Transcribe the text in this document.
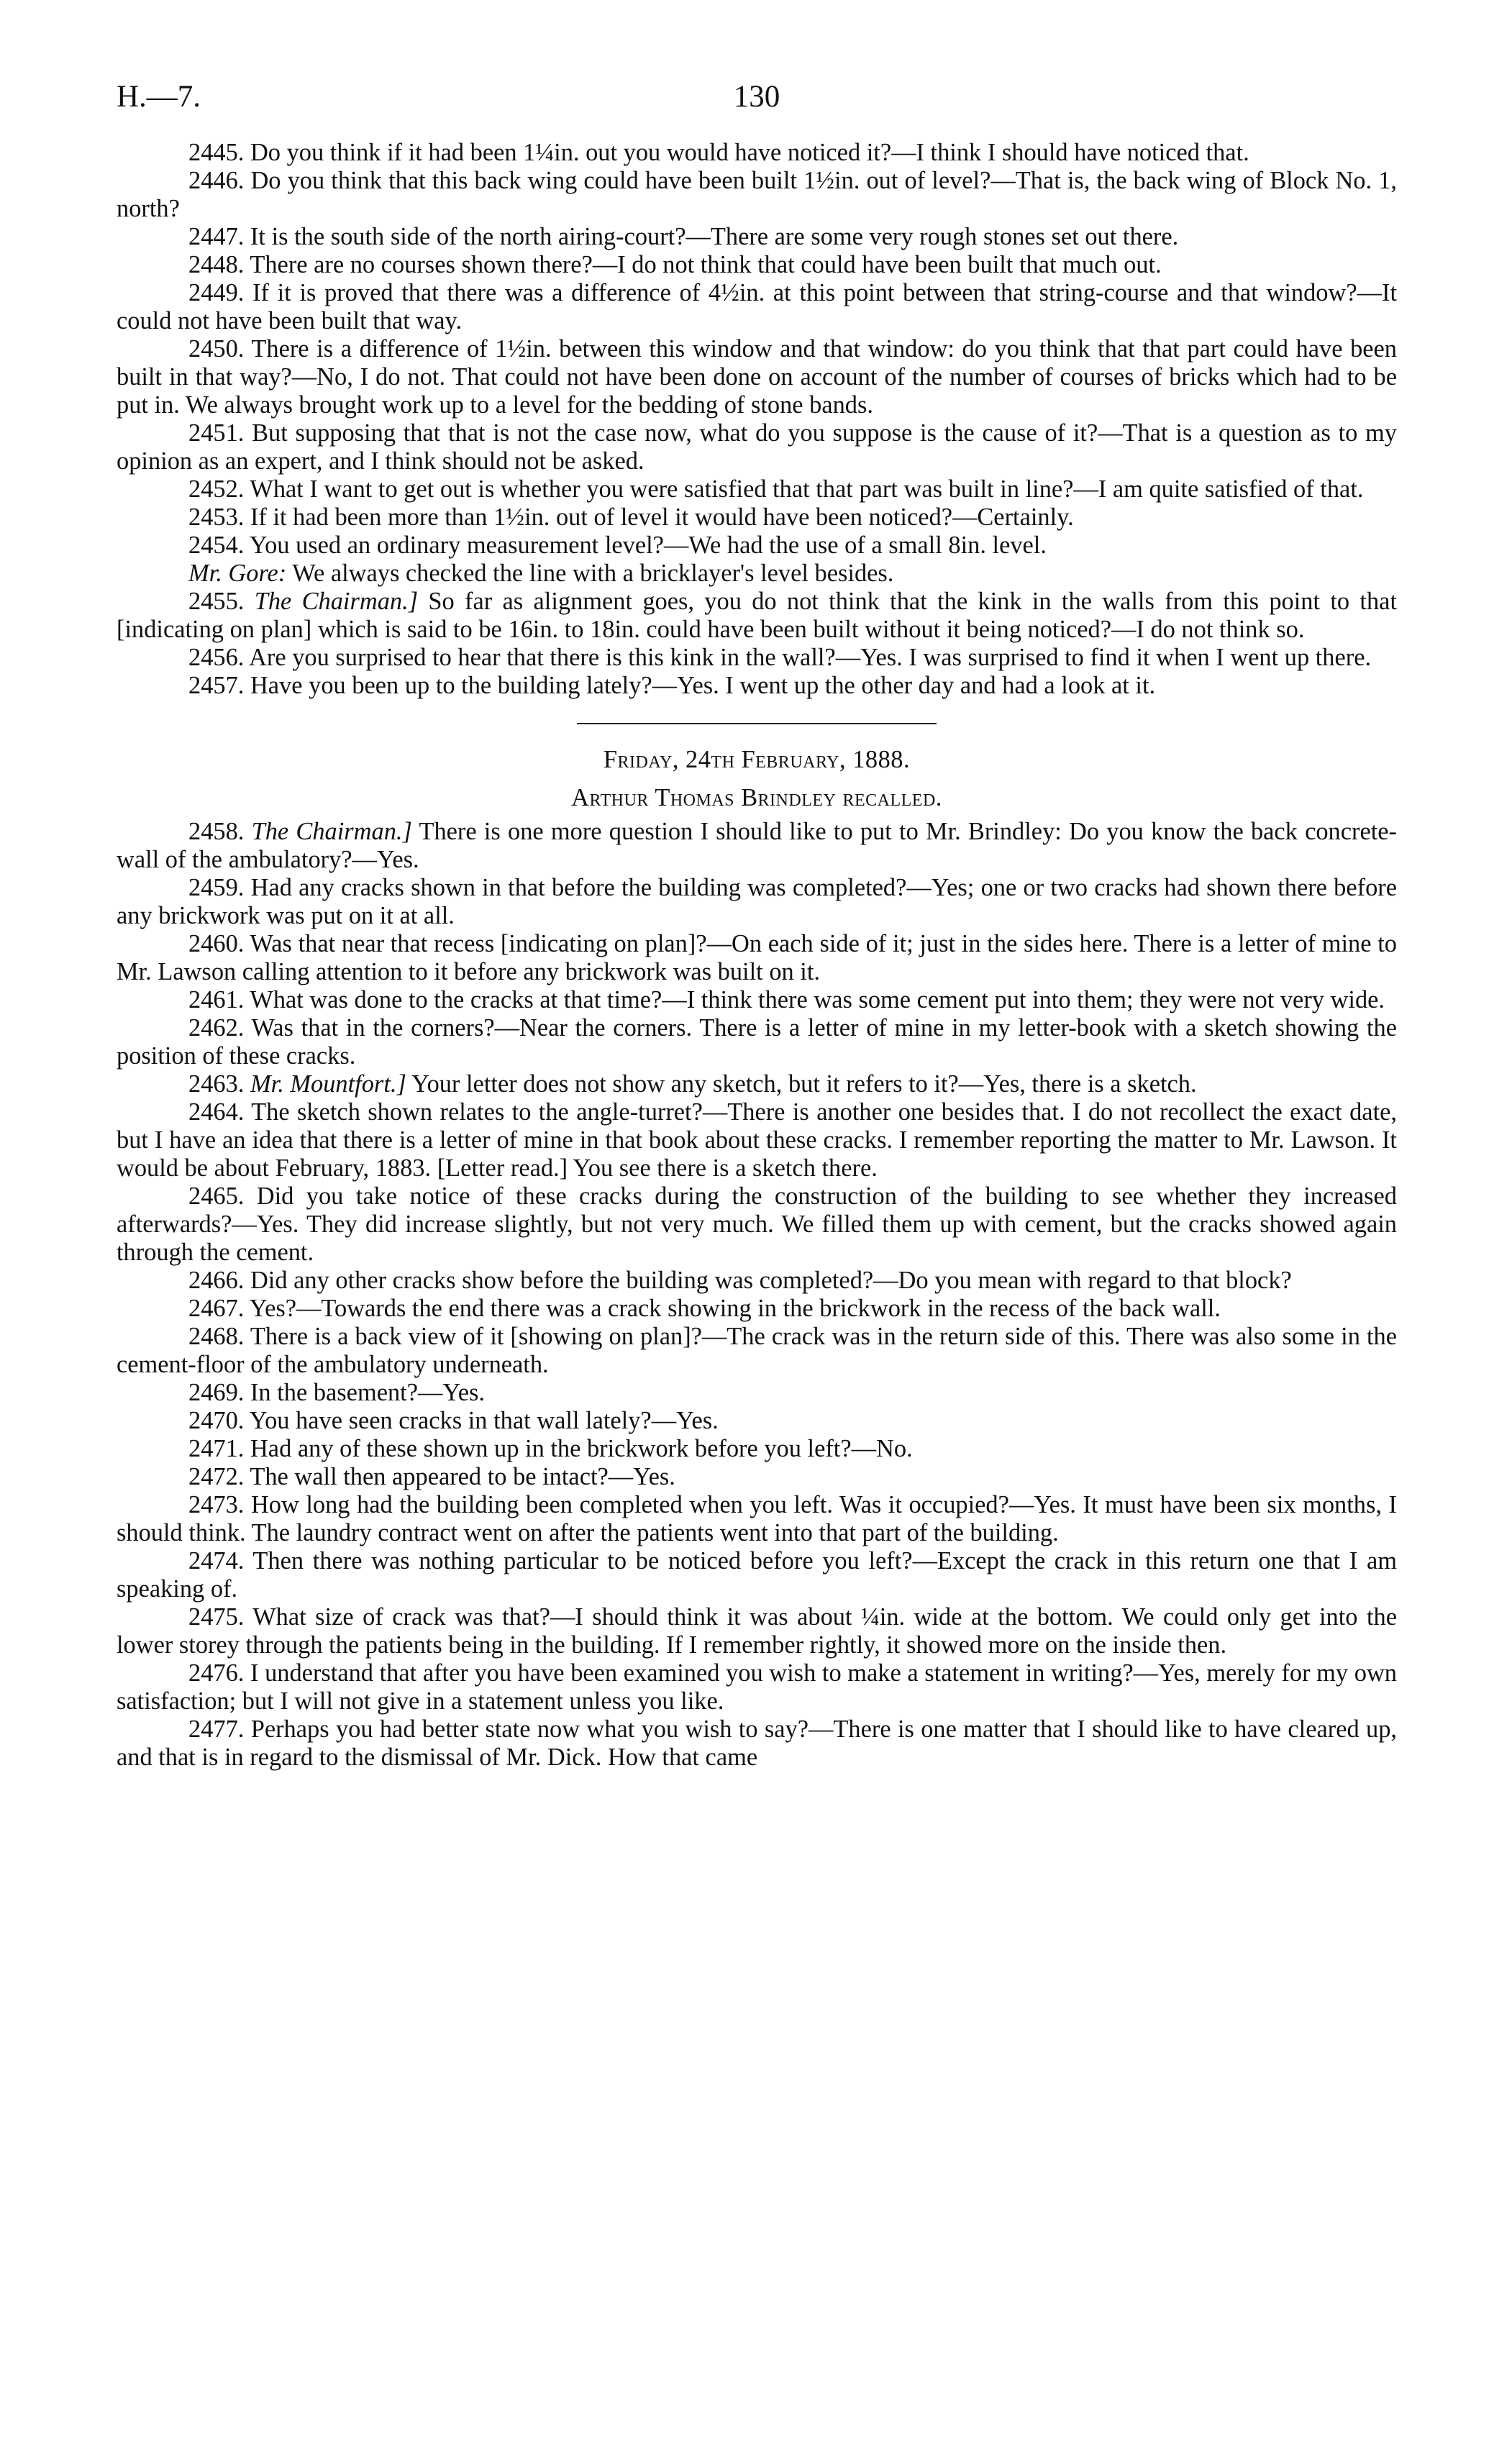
H.—7.	130

2445. Do you think if it had been 1¼in. out you would have noticed it?—I think I should have noticed that.

2446. Do you think that this back wing could have been built 1½in. out of level?—That is, the back wing of Block No. 1, north?

2447. It is the south side of the north airing-court?—There are some very rough stones set out there.

2448. There are no courses shown there?—I do not think that could have been built that much out.

2449. If it is proved that there was a difference of 4½in. at this point between that string-course and that window?—It could not have been built that way.

2450. There is a difference of 1½in. between this window and that window: do you think that that part could have been built in that way?—No, I do not. That could not have been done on account of the number of courses of bricks which had to be put in. We always brought work up to a level for the bedding of stone bands.

2451. But supposing that that is not the case now, what do you suppose is the cause of it?—That is a question as to my opinion as an expert, and I think should not be asked.

2452. What I want to get out is whether you were satisfied that that part was built in line?—I am quite satisfied of that.

2453. If it had been more than 1½in. out of level it would have been noticed?—Certainly.

2454. You used an ordinary measurement level?—We had the use of a small 8in. level.

Mr. Gore: We always checked the line with a bricklayer's level besides.

2455. The Chairman.] So far as alignment goes, you do not think that the kink in the walls from this point to that [indicating on plan] which is said to be 16in. to 18in. could have been built without it being noticed?—I do not think so.

2456. Are you surprised to hear that there is this kink in the wall?—Yes. I was surprised to find it when I went up there.

2457. Have you been up to the building lately?—Yes. I went up the other day and had a look at it.

Friday, 24th February, 1888.

Arthur Thomas Brindley recalled.

2458. The Chairman.] There is one more question I should like to put to Mr. Brindley: Do you know the back concrete-wall of the ambulatory?—Yes.

2459. Had any cracks shown in that before the building was completed?—Yes; one or two cracks had shown there before any brickwork was put on it at all.

2460. Was that near that recess [indicating on plan]?—On each side of it; just in the sides here. There is a letter of mine to Mr. Lawson calling attention to it before any brickwork was built on it.

2461. What was done to the cracks at that time?—I think there was some cement put into them; they were not very wide.

2462. Was that in the corners?—Near the corners. There is a letter of mine in my letter-book with a sketch showing the position of these cracks.

2463. Mr. Mountfort.] Your letter does not show any sketch, but it refers to it?—Yes, there is a sketch.

2464. The sketch shown relates to the angle-turret?—There is another one besides that. I do not recollect the exact date, but I have an idea that there is a letter of mine in that book about these cracks. I remember reporting the matter to Mr. Lawson. It would be about February, 1883. [Letter read.] You see there is a sketch there.

2465. Did you take notice of these cracks during the construction of the building to see whether they increased afterwards?—Yes. They did increase slightly, but not very much. We filled them up with cement, but the cracks showed again through the cement.

2466. Did any other cracks show before the building was completed?—Do you mean with regard to that block?

2467. Yes?—Towards the end there was a crack showing in the brickwork in the recess of the back wall.

2468. There is a back view of it [showing on plan]?—The crack was in the return side of this. There was also some in the cement-floor of the ambulatory underneath.

2469. In the basement?—Yes.

2470. You have seen cracks in that wall lately?—Yes.

2471. Had any of these shown up in the brickwork before you left?—No.

2472. The wall then appeared to be intact?—Yes.

2473. How long had the building been completed when you left. Was it occupied?—Yes. It must have been six months, I should think. The laundry contract went on after the patients went into that part of the building.

2474. Then there was nothing particular to be noticed before you left?—Except the crack in this return one that I am speaking of.

2475. What size of crack was that?—I should think it was about ¼in. wide at the bottom. We could only get into the lower storey through the patients being in the building. If I remember rightly, it showed more on the inside then.

2476. I understand that after you have been examined you wish to make a statement in writing?—Yes, merely for my own satisfaction; but I will not give in a statement unless you like.

2477. Perhaps you had better state now what you wish to say?—There is one matter that I should like to have cleared up, and that is in regard to the dismissal of Mr. Dick. How that came
